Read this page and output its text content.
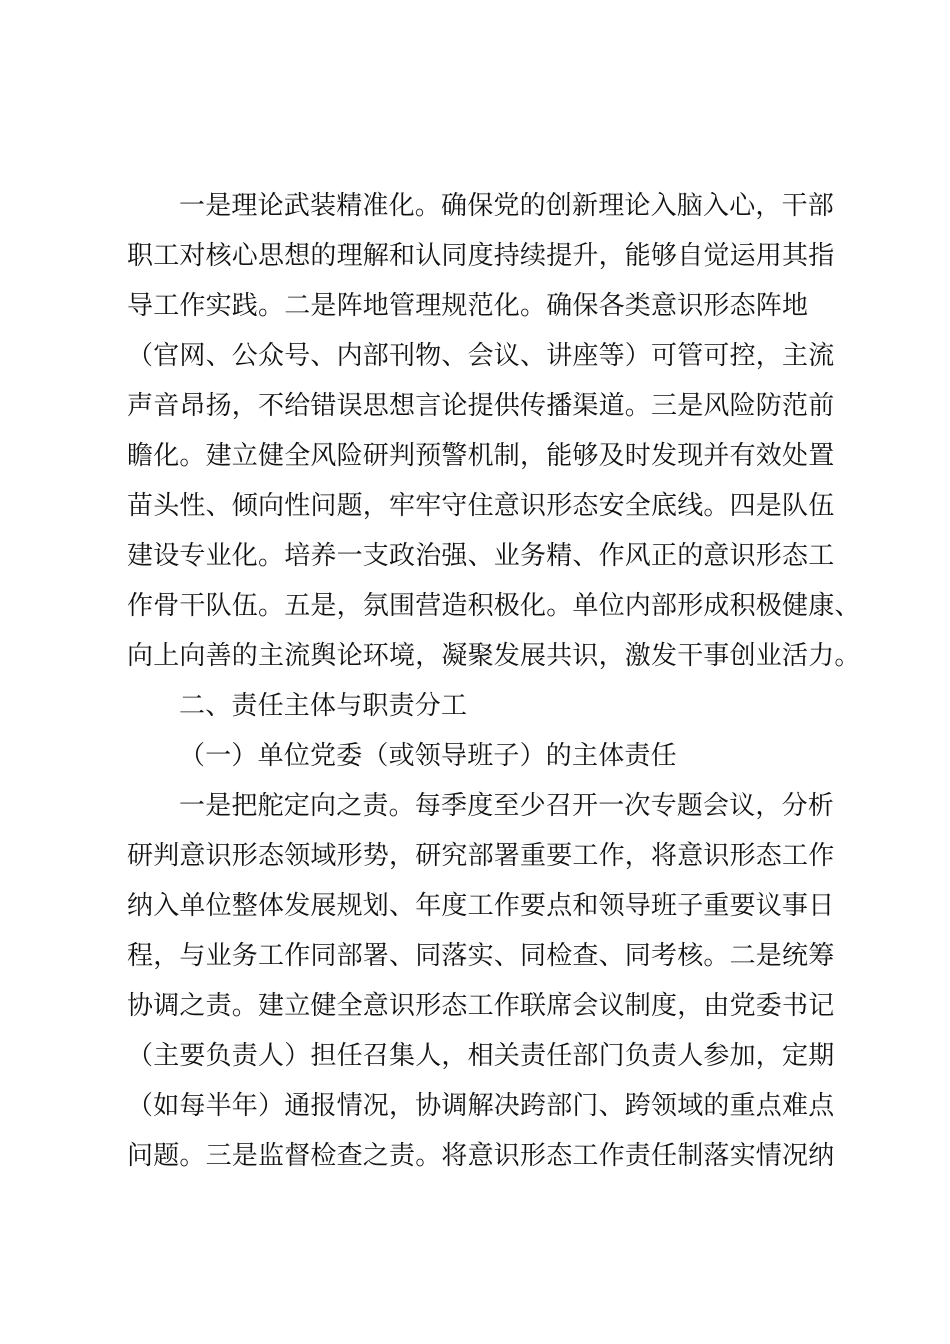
一是理论武装精准化。确保党的创新理论入脑入心，干部
职工对核心思想的理解和认同度持续提升，能够自觉运用其指
导工作实践。二是阵地管理规范化。确保各类意识形态阵地
（官网、公众号、内部刊物、会议、讲座等）可管可控，主流
声音昂扬，不给错误思想言论提供传播渠道。三是风险防范前
瞻化。建立健全风险研判预警机制，能够及时发现并有效处置
苗头性、倾向性问题，牢牢守住意识形态安全底线。四是队伍
建设专业化。培养一支政治强、业务精、作风正的意识形态工
作骨干队伍。五是，氛围营造积极化。单位内部形成积极健康、
向上向善的主流舆论环境，凝聚发展共识，激发干事创业活力。
二、责任主体与职责分工
（一）单位党委（或领导班子）的主体责任
一是把舵定向之责。每季度至少召开一次专题会议，分析
研判意识形态领域形势，研究部署重要工作，将意识形态工作
纳入单位整体发展规划、年度工作要点和领导班子重要议事日
程，与业务工作同部署、同落实、同检查、同考核。二是统筹
协调之责。建立健全意识形态工作联席会议制度，由党委书记
（主要负责人）担任召集人，相关责任部门负责人参加，定期
（如每半年）通报情况，协调解决跨部门、跨领域的重点难点
问题。三是监督检查之责。将意识形态工作责任制落实情况纳
